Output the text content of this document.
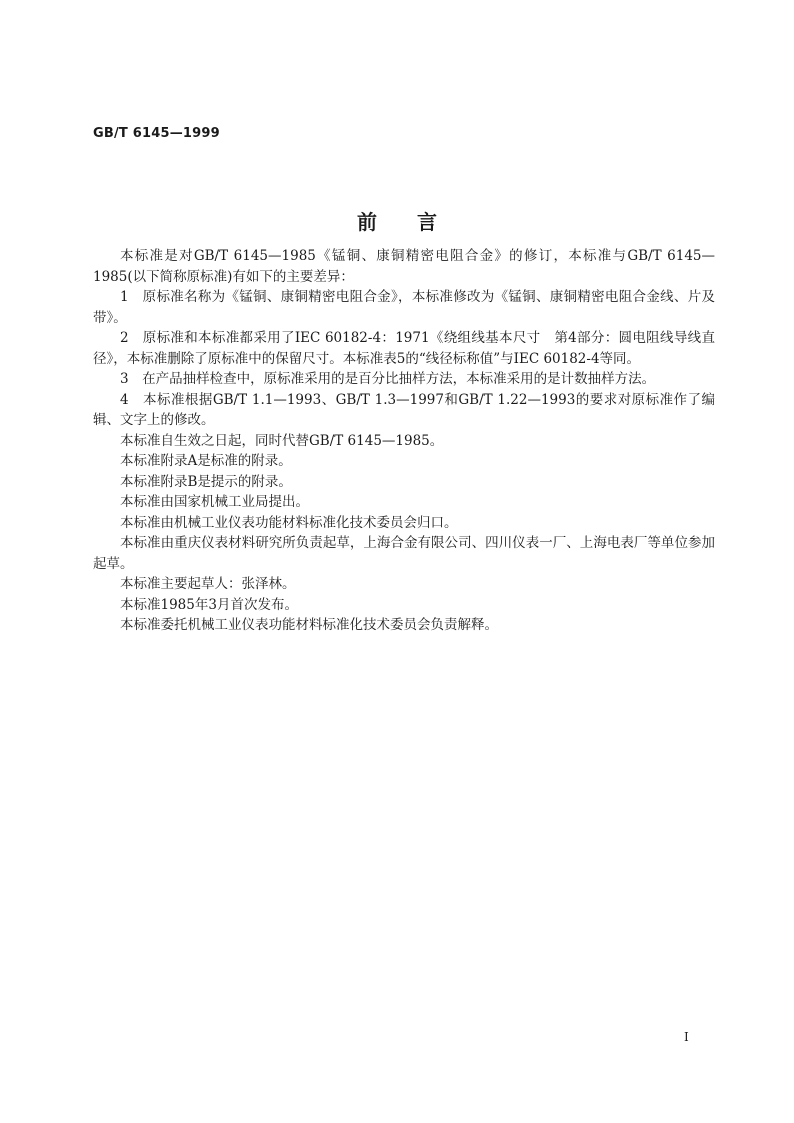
GB/T 6145—1999
前言

本标准是对GB/T 6145—1985《锰铜、康铜精密电阻合金》的修订，本标准与GB/T 6145—1985(以下简称原标准)有如下的主要差异：

1　原标准名称为《锰铜、康铜精密电阻合金》，本标准修改为《锰铜、康铜精密电阻合金线、片及带》。

2　原标准和本标准都采用了IEC 60182-4：1971《绕组线基本尺寸　第4部分：圆电阻线导线直径》，本标准删除了原标准中的保留尺寸。本标准表5的“线径标称值”与IEC 60182-4等同。

3　在产品抽样检查中，原标准采用的是百分比抽样方法，本标准采用的是计数抽样方法。

4　本标准根据GB/T 1.1—1993、GB/T 1.3—1997和GB/T 1.22—1993的要求对原标准作了编辑、文字上的修改。

本标准自生效之日起，同时代替GB/T 6145—1985。

本标准附录A是标准的附录。

本标准附录B是提示的附录。

本标准由国家机械工业局提出。

本标准由机械工业仪表功能材料标准化技术委员会归口。

本标准由重庆仪表材料研究所负责起草，上海合金有限公司、四川仪表一厂、上海电表厂等单位参加起草。

本标准主要起草人：张泽林。

本标准1985年3月首次发布。

本标准委托机械工业仪表功能材料标准化技术委员会负责解释。

I
